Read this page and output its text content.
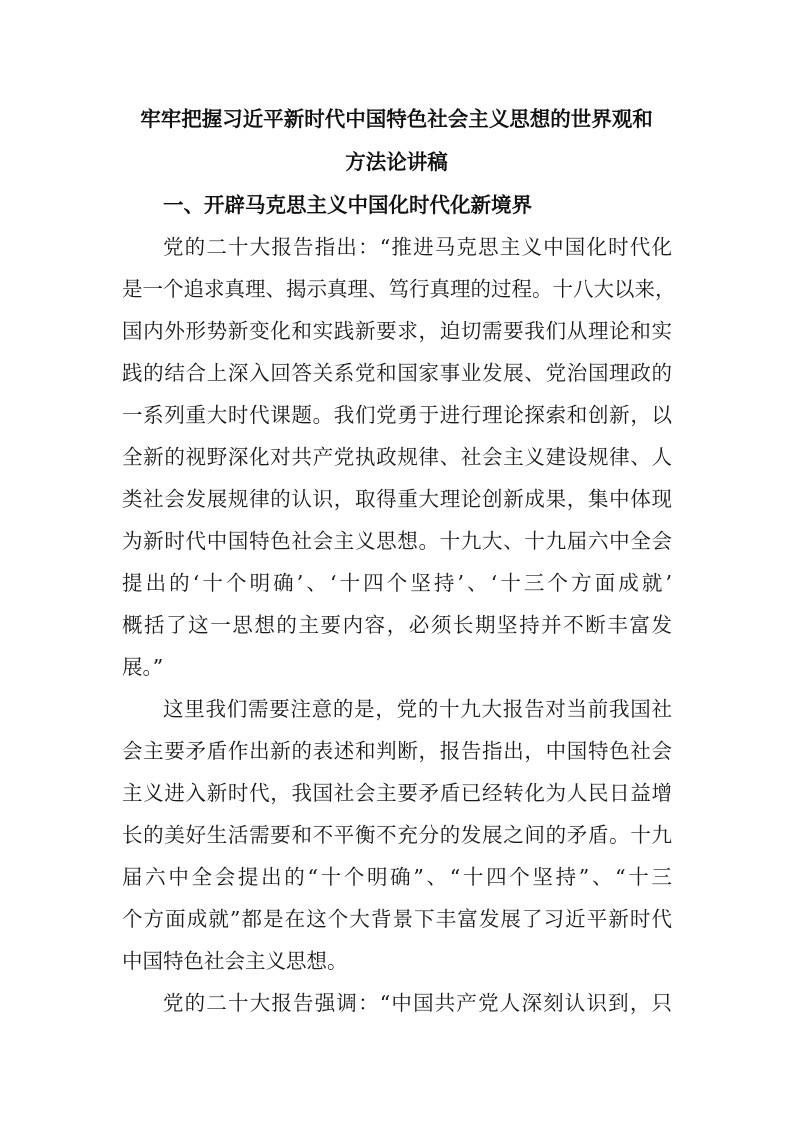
牢牢把握习近平新时代中国特色社会主义思想的世界观和
方法论讲稿
一、开辟马克思主义中国化时代化新境界
党的二十大报告指出：“推进马克思主义中国化时代化
是一个追求真理、揭示真理、笃行真理的过程。十八大以来，
国内外形势新变化和实践新要求，迫切需要我们从理论和实
践的结合上深入回答关系党和国家事业发展、党治国理政的
一系列重大时代课题。我们党勇于进行理论探索和创新，以
全新的视野深化对共产党执政规律、社会主义建设规律、人
类社会发展规律的认识，取得重大理论创新成果，集中体现
为新时代中国特色社会主义思想。十九大、十九届六中全会
提出的‘十个明确’、‘十四个坚持’、‘十三个方面成就’
概括了这一思想的主要内容，必须长期坚持并不断丰富发
展。”
这里我们需要注意的是，党的十九大报告对当前我国社
会主要矛盾作出新的表述和判断，报告指出，中国特色社会
主义进入新时代，我国社会主要矛盾已经转化为人民日益增
长的美好生活需要和不平衡不充分的发展之间的矛盾。十九
届六中全会提出的“十个明确”、“十四个坚持”、“十三
个方面成就”都是在这个大背景下丰富发展了习近平新时代
中国特色社会主义思想。
党的二十大报告强调：“中国共产党人深刻认识到，只
